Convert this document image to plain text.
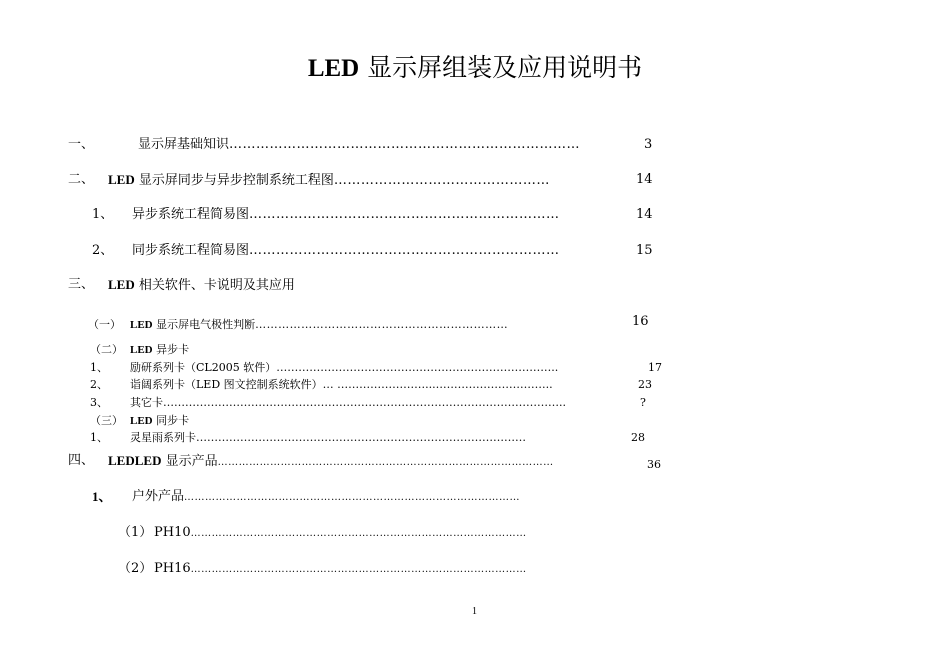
LED 显示屏组装及应用说明书
一、	显示屏基础知识……………………………………………………………………	3
二、 LED 显示屏同步与异步控制系统工程图…………………………………………	14
1、 异步系统工程简易图……………………………………………………………	14
2、 同步系统工程简易图……………………………………………………………	15
三、 LED 相关软件、卡说明及其应用
（一） LED 显示屏电气极性判断…………………………………………………………	16
（二） LED 异步卡
1、 励研系列卡（CL2005 软件）…………………………………………………………………..	17
2、 诣阔系列卡（LED 图文控制系统软件）… ……………………...…………………………..	23
3、 其它卡………………………………………………………………………………………………..	?
（三） LED 同步卡
1、 灵星雨系列卡………………………………………………………………………………	28
四、 LEDLED 显示产品……………………………………………………………………………………	36
1、 户外产品……………………………………………………………………………………
（1） PH10……………………………………………………………………………………
（2） PH16……………………………………………………………………………………
1
